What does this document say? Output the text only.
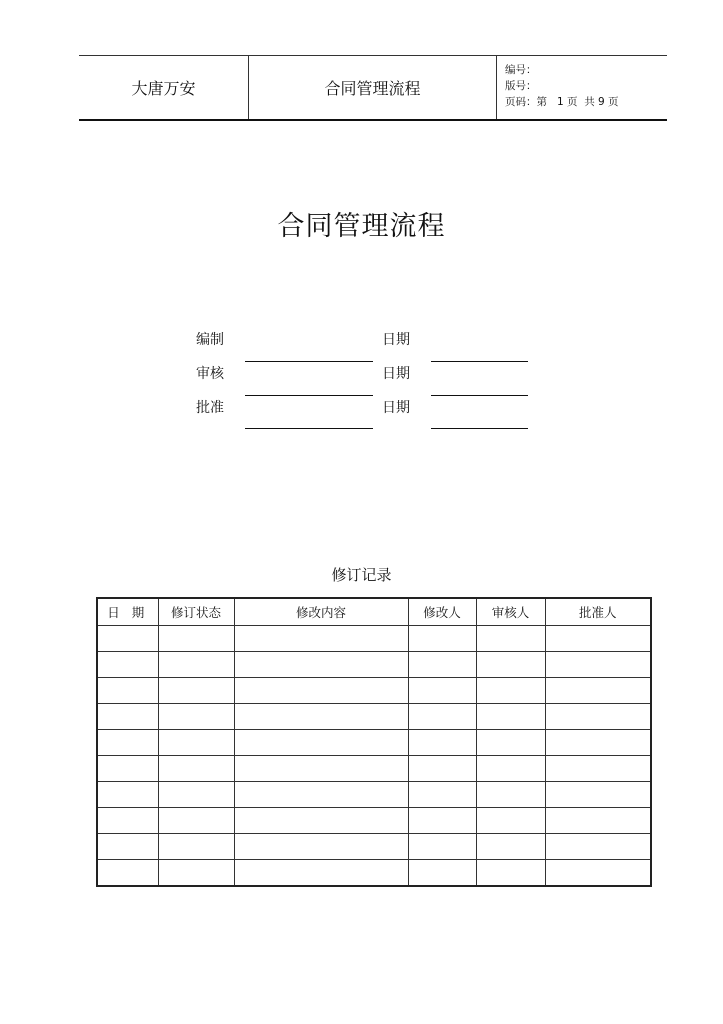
大唐万安	合同管理流程
编号：
版号：
页码：第   1 页  共 9 页
合同管理流程
编制	日期
审核	日期
批准	日期
修订记录
日期	修订状态	修改内容	修改人	审核人	批准人
